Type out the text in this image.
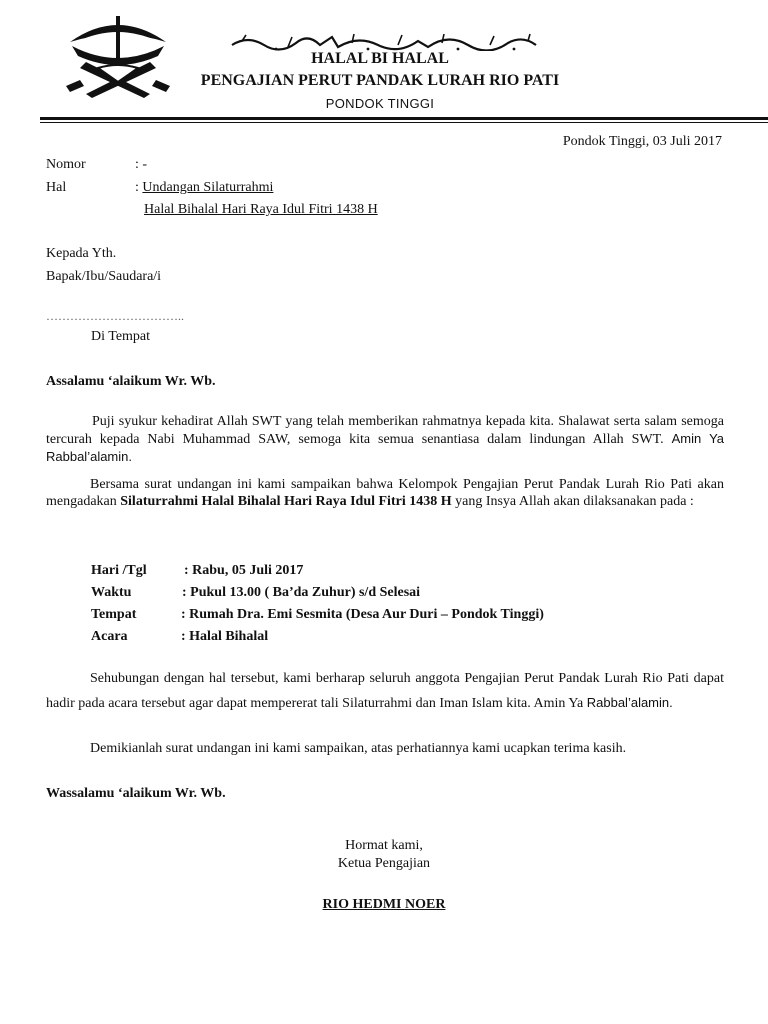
HALAL BI HALAL
PENGAJIAN PERUT PANDAK LURAH RIO PATI
PONDOK TINGGI
Pondok Tinggi, 03 Juli 2017
Nomor	: -
Hal	: Undangan Silaturrahmi
Halal Bihalal Hari Raya Idul Fitri 1438 H
Kepada Yth.
Bapak/Ibu/Saudara/i
……………………………..
Di Tempat
Assalamu ‘alaikum Wr. Wb.
Puji syukur kehadirat Allah SWT yang telah memberikan rahmatnya kepada kita. Shalawat serta salam semoga tercurah kepada Nabi Muhammad SAW, semoga kita semua senantiasa dalam lindungan Allah SWT. Amin Ya Rabbal’alamin.
Bersama surat undangan ini kami sampaikan bahwa Kelompok Pengajian Perut Pandak Lurah Rio Pati akan mengadakan Silaturrahmi Halal Bihalal Hari Raya Idul Fitri 1438 H yang Insya Allah akan dilaksanakan pada :
Hari /Tgl	: Rabu, 05 Juli 2017
Waktu	: Pukul 13.00 ( Ba’da Zuhur) s/d Selesai
Tempat	: Rumah Dra. Emi Sesmita (Desa Aur Duri – Pondok Tinggi)
Acara	: Halal Bihalal
Sehubungan dengan hal tersebut, kami berharap seluruh anggota Pengajian Perut Pandak Lurah Rio Pati dapat hadir pada acara tersebut agar dapat mempererat tali Silaturrahmi dan Iman Islam kita. Amin Ya Rabbal’alamin.
Demikianlah surat undangan ini kami sampaikan, atas perhatiannya kami ucapkan terima kasih.
Wassalamu ‘alaikum Wr. Wb.
Hormat kami,
Ketua Pengajian
RIO HEDMI NOER
